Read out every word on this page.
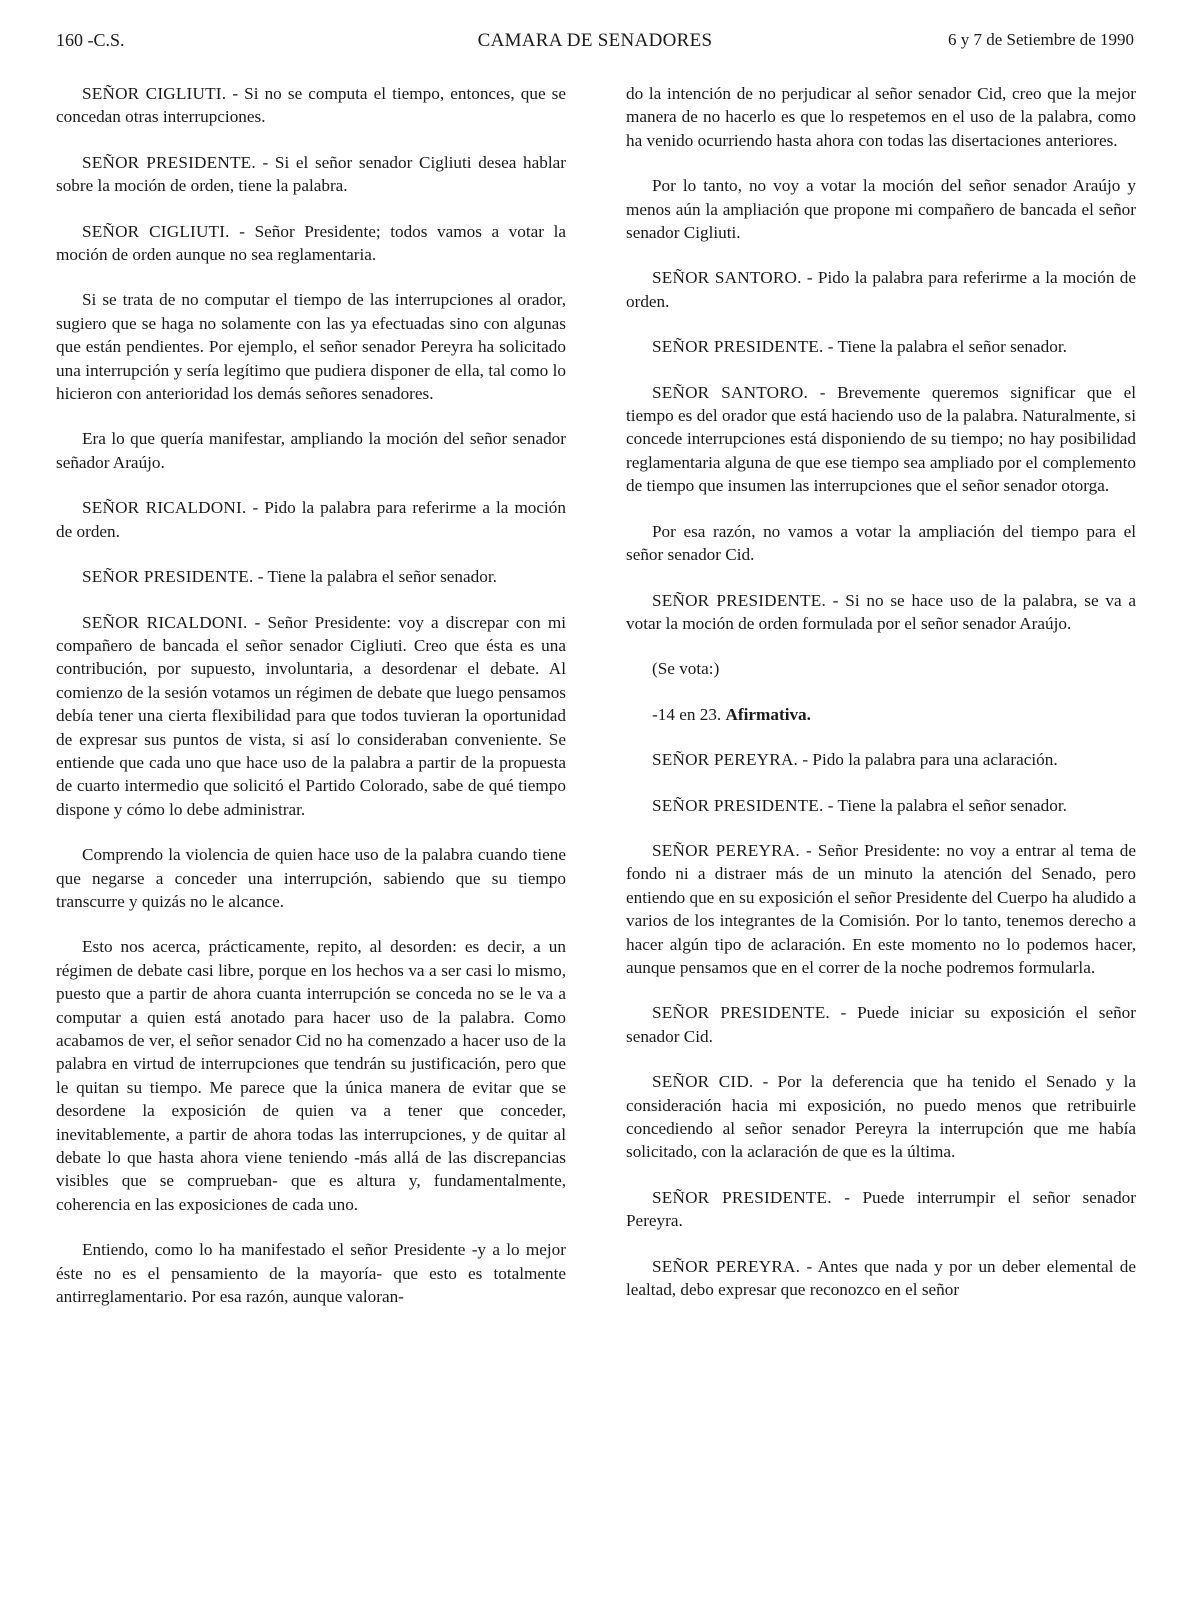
160 -C.S.	CAMARA DE SENADORES	6 y 7 de Setiembre de 1990

SEÑOR CIGLIUTI. - Si no se computa el tiempo, entonces, que se concedan otras interrupciones.

SEÑOR PRESIDENTE. - Si el señor senador Cigliuti desea hablar sobre la moción de orden, tiene la palabra.

SEÑOR CIGLIUTI. - Señor Presidente; todos vamos a votar la moción de orden aunque no sea reglamentaria.

Si se trata de no computar el tiempo de las interrupciones al orador, sugiero que se haga no solamente con las ya efectuadas sino con algunas que están pendientes. Por ejemplo, el señor senador Pereyra ha solicitado una interrupción y sería legítimo que pudiera disponer de ella, tal como lo hicieron con anterioridad los demás señores senadores.

Era lo que quería manifestar, ampliando la moción del señor senador señador Araújo.

SEÑOR RICALDONI. - Pido la palabra para referirme a la moción de orden.

SEÑOR PRESIDENTE. - Tiene la palabra el señor senador.

SEÑOR RICALDONI. - Señor Presidente: voy a discrepar con mi compañero de bancada el señor senador Cigliuti. Creo que ésta es una contribución, por supuesto, involuntaria, a desordenar el debate. Al comienzo de la sesión votamos un régimen de debate que luego pensamos debía tener una cierta flexibilidad para que todos tuvieran la oportunidad de expresar sus puntos de vista, si así lo consideraban conveniente. Se entiende que cada uno que hace uso de la palabra a partir de la propuesta de cuarto intermedio que solicitó el Partido Colorado, sabe de qué tiempo dispone y cómo lo debe administrar.

Comprendo la violencia de quien hace uso de la palabra cuando tiene que negarse a conceder una interrupción, sabiendo que su tiempo transcurre y quizás no le alcance.

Esto nos acerca, prácticamente, repito, al desorden: es decir, a un régimen de debate casi libre, porque en los hechos va a ser casi lo mismo, puesto que a partir de ahora cuanta interrupción se conceda no se le va a computar a quien está anotado para hacer uso de la palabra. Como acabamos de ver, el señor senador Cid no ha comenzado a hacer uso de la palabra en virtud de interrupciones que tendrán su justificación, pero que le quitan su tiempo. Me parece que la única manera de evitar que se desordene la exposición de quien va a tener que conceder, inevitablemente, a partir de ahora todas las interrupciones, y de quitar al debate lo que hasta ahora viene teniendo -más allá de las discrepancias visibles que se comprueban- que es altura y, fundamentalmente, coherencia en las exposiciones de cada uno.

Entiendo, como lo ha manifestado el señor Presidente -y a lo mejor éste no es el pensamiento de la mayoría- que esto es totalmente antirreglamentario. Por esa razón, aunque valoran-

do la intención de no perjudicar al señor senador Cid, creo que la mejor manera de no hacerlo es que lo respetemos en el uso de la palabra, como ha venido ocurriendo hasta ahora con todas las disertaciones anteriores.

Por lo tanto, no voy a votar la moción del señor senador Araújo y menos aún la ampliación que propone mi compañero de bancada el señor senador Cigliuti.

SEÑOR SANTORO. - Pido la palabra para referirme a la moción de orden.

SEÑOR PRESIDENTE. - Tiene la palabra el señor senador.

SEÑOR SANTORO. - Brevemente queremos significar que el tiempo es del orador que está haciendo uso de la palabra. Naturalmente, si concede interrupciones está disponiendo de su tiempo; no hay posibilidad reglamentaria alguna de que ese tiempo sea ampliado por el complemento de tiempo que insumen las interrupciones que el señor senador otorga.

Por esa razón, no vamos a votar la ampliación del tiempo para el señor senador Cid.

SEÑOR PRESIDENTE. - Si no se hace uso de la palabra, se va a votar la moción de orden formulada por el señor senador Araújo.

(Se vota:)

-14 en 23. Afirmativa.

SEÑOR PEREYRA. - Pido la palabra para una aclaración.

SEÑOR PRESIDENTE. - Tiene la palabra el señor senador.

SEÑOR PEREYRA. - Señor Presidente: no voy a entrar al tema de fondo ni a distraer más de un minuto la atención del Senado, pero entiendo que en su exposición el señor Presidente del Cuerpo ha aludido a varios de los integrantes de la Comisión. Por lo tanto, tenemos derecho a hacer algún tipo de aclaración. En este momento no lo podemos hacer, aunque pensamos que en el correr de la noche podremos formularla.

SEÑOR PRESIDENTE. - Puede iniciar su exposición el señor senador Cid.

SEÑOR CID. - Por la deferencia que ha tenido el Senado y la consideración hacia mi exposición, no puedo menos que retribuirle concediendo al señor senador Pereyra la interrupción que me había solicitado, con la aclaración de que es la última.

SEÑOR PRESIDENTE. - Puede interrumpir el señor senador Pereyra.

SEÑOR PEREYRA. - Antes que nada y por un deber elemental de lealtad, debo expresar que reconozco en el señor
